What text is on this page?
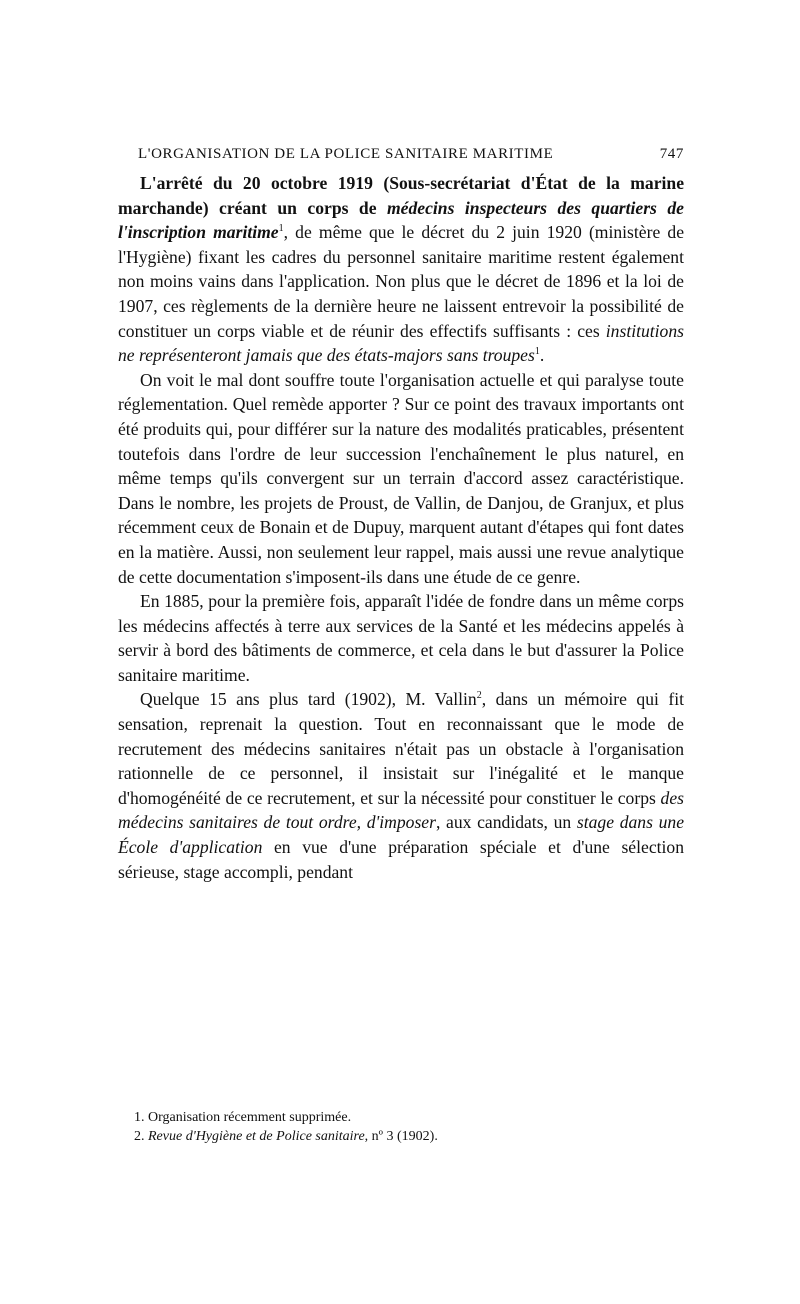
L'ORGANISATION DE LA POLICE SANITAIRE MARITIME	747

L'arrêté du 20 octobre 1919 (Sous-secrétariat d'État de la marine marchande) créant un corps de médecins inspecteurs des quartiers de l'inscription maritime$^1$, de même que le décret du 2 juin 1920 (ministère de l'Hygiène) fixant les cadres du personnel sanitaire maritime restent également non moins vains dans l'application. Non plus que le décret de 1896 et la loi de 1907, ces règlements de la dernière heure ne laissent entrevoir la possibilité de constituer un corps viable et de réunir des effectifs suffisants : ces institutions ne représenteront jamais que des états-majors sans troupes$^1$.

On voit le mal dont souffre toute l'organisation actuelle et qui paralyse toute réglementation. Quel remède apporter ? Sur ce point des travaux importants ont été produits qui, pour différer sur la nature des modalités praticables, présentent toutefois dans l'ordre de leur succession l'enchaînement le plus naturel, en même temps qu'ils convergent sur un terrain d'accord assez caractéristique. Dans le nombre, les projets de Proust, de Vallin, de Danjou, de Granjux, et plus récemment ceux de Bonain et de Dupuy, marquent autant d'étapes qui font dates en la matière. Aussi, non seulement leur rappel, mais aussi une revue analytique de cette documentation s'imposent-ils dans une étude de ce genre.

En 1885, pour la première fois, apparaît l'idée de fondre dans un même corps les médecins affectés à terre aux services de la Santé et les médecins appelés à servir à bord des bâtiments de commerce, et cela dans le but d'assurer la Police sanitaire maritime.

Quelque 15 ans plus tard (1902), M. Vallin$^2$, dans un mémoire qui fit sensation, reprenait la question. Tout en reconnaissant que le mode de recrutement des médecins sanitaires n'était pas un obstacle à l'organisation rationnelle de ce personnel, il insistait sur l'inégalité et le manque d'homogénéité de ce recrutement, et sur la nécessité pour constituer le corps des médecins sanitaires de tout ordre, d'imposer, aux candidats, un stage dans une École d'application en vue d'une préparation spéciale et d'une sélection sérieuse, stage accompli, pendant

1. Organisation récemment supprimée.
2. Revue d'Hygiène et de Police sanitaire, nº 3 (1902).
